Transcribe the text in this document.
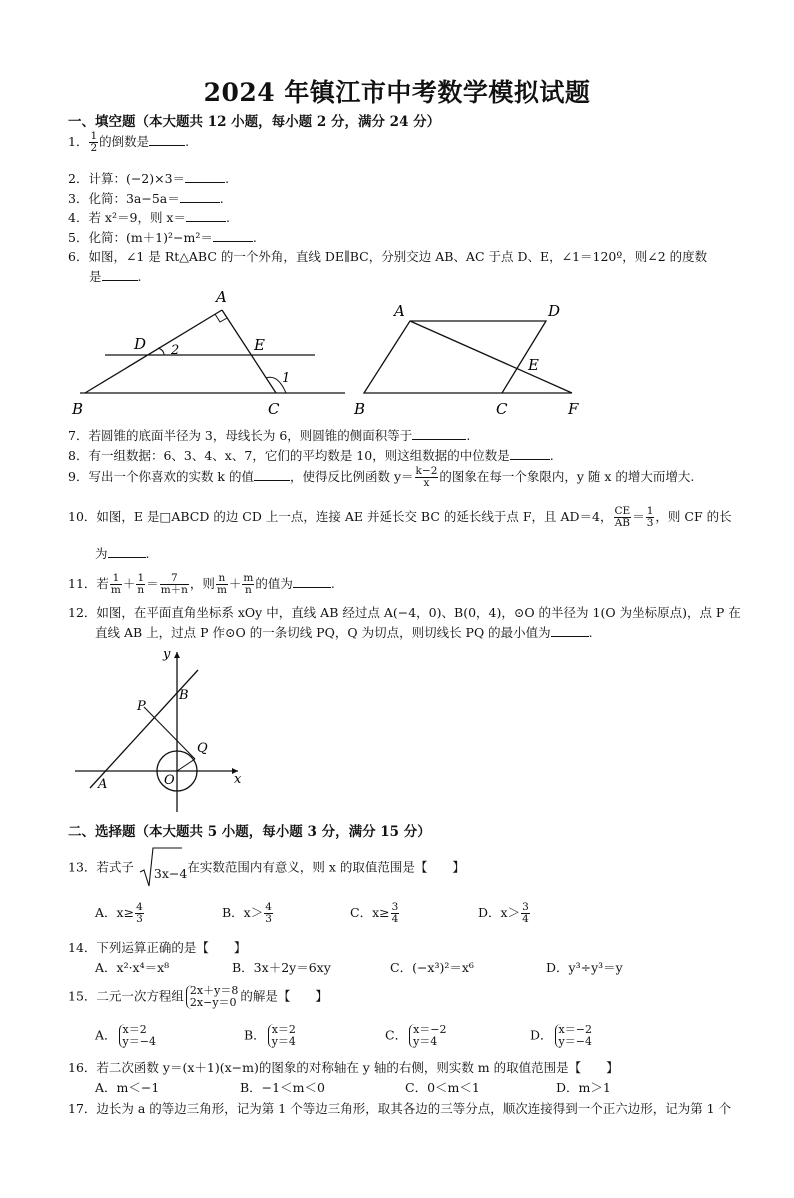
2024 年镇江市中考数学模拟试题
一、填空题（本大题共 12 小题，每小题 2 分，满分 24 分）
1． $\frac{1}{2}$ 的倒数是	.
2．计算：(−2)×3＝	.
3．化简：3a−5a＝	.
4．若 x²＝9，则 x＝	.
5．化简：(m＋1)²−m²＝	.
6．如图，∠1 是 Rt△ABC 的一个外角，直线 DE∥BC，分别交边 AB、AC 于点 D、E，∠1＝120º，则∠2 的度数
是	.
A
B	C
D	E
1
2
A	D
B	C	F
E
7．若圆锥的底面半径为 3，母线长为 6，则圆锥的侧面积等于	.
8．有一组数据：6、3、4、x、7，它们的平均数是 10，则这组数据的中位数是	.
9．写出一个你喜欢的实数 k 的值	，使得反比例函数 $y= \frac{k-2}{x}$ 的图象在每一个象限内，y 随 x 的增大而增大.
10．如图，E 是□ABCD 的边 CD 上一点，连接 AE 并延长交 BC 的延长线于点 F，且 AD＝4， $\frac{CE}{AB} = \frac{1}{3}$ ，则 CF 的长
为	.
11．若 $\frac{1}{m} + \frac{1}{n} = \frac{7}{m+n}$ ，则 $\frac{n}{m} + \frac{m}{n}$ 的值为	.
12．如图，在平面直角坐标系 xOy 中，直线 AB 经过点 A(−4，0)、B(0，4)，⊙O 的半径为 1(O 为坐标原点)，点 P 在
直线 AB 上，过点 P 作⊙O 的一条切线 PQ，Q 为切点，则切线长 PQ 的最小值为	.
y
x
A
B
O
P
Q
二、选择题（本大题共 5 小题，每小题 3 分，满分 15 分）
13．若式子 3x−4在实数范围内有意义，则 x 的取值范围是【　　】
A．$x\ge \frac{4}{3}$	B．$x> \frac{4}{3}$	C．$x\ge \frac{3}{4}$	D．$x> \frac{3}{4}$
14．下列运算正确的是【　　】
A．x²·x⁴＝x⁸	B．3x＋2y＝6xy	C．(−x³)²＝x⁶	D．y³÷y³＝y
15．二元一次方程组 2x＋y＝8
2x−y＝0 的解是【　　】
A． x＝2
y＝−4	B． x＝2
y＝4	C． x＝−2
y＝4	D． x＝−2
y＝−4
16．若二次函数 y＝(x＋1)(x−m)的图象的对称轴在 y 轴的右侧，则实数 m 的取值范围是【　　】
A．m＜−1	B．−1＜m＜0	C．0＜m＜1	D．m＞1
17．边长为 a 的等边三角形，记为第 1 个等边三角形，取其各边的三等分点，顺次连接得到一个正六边形，记为第 1 个
